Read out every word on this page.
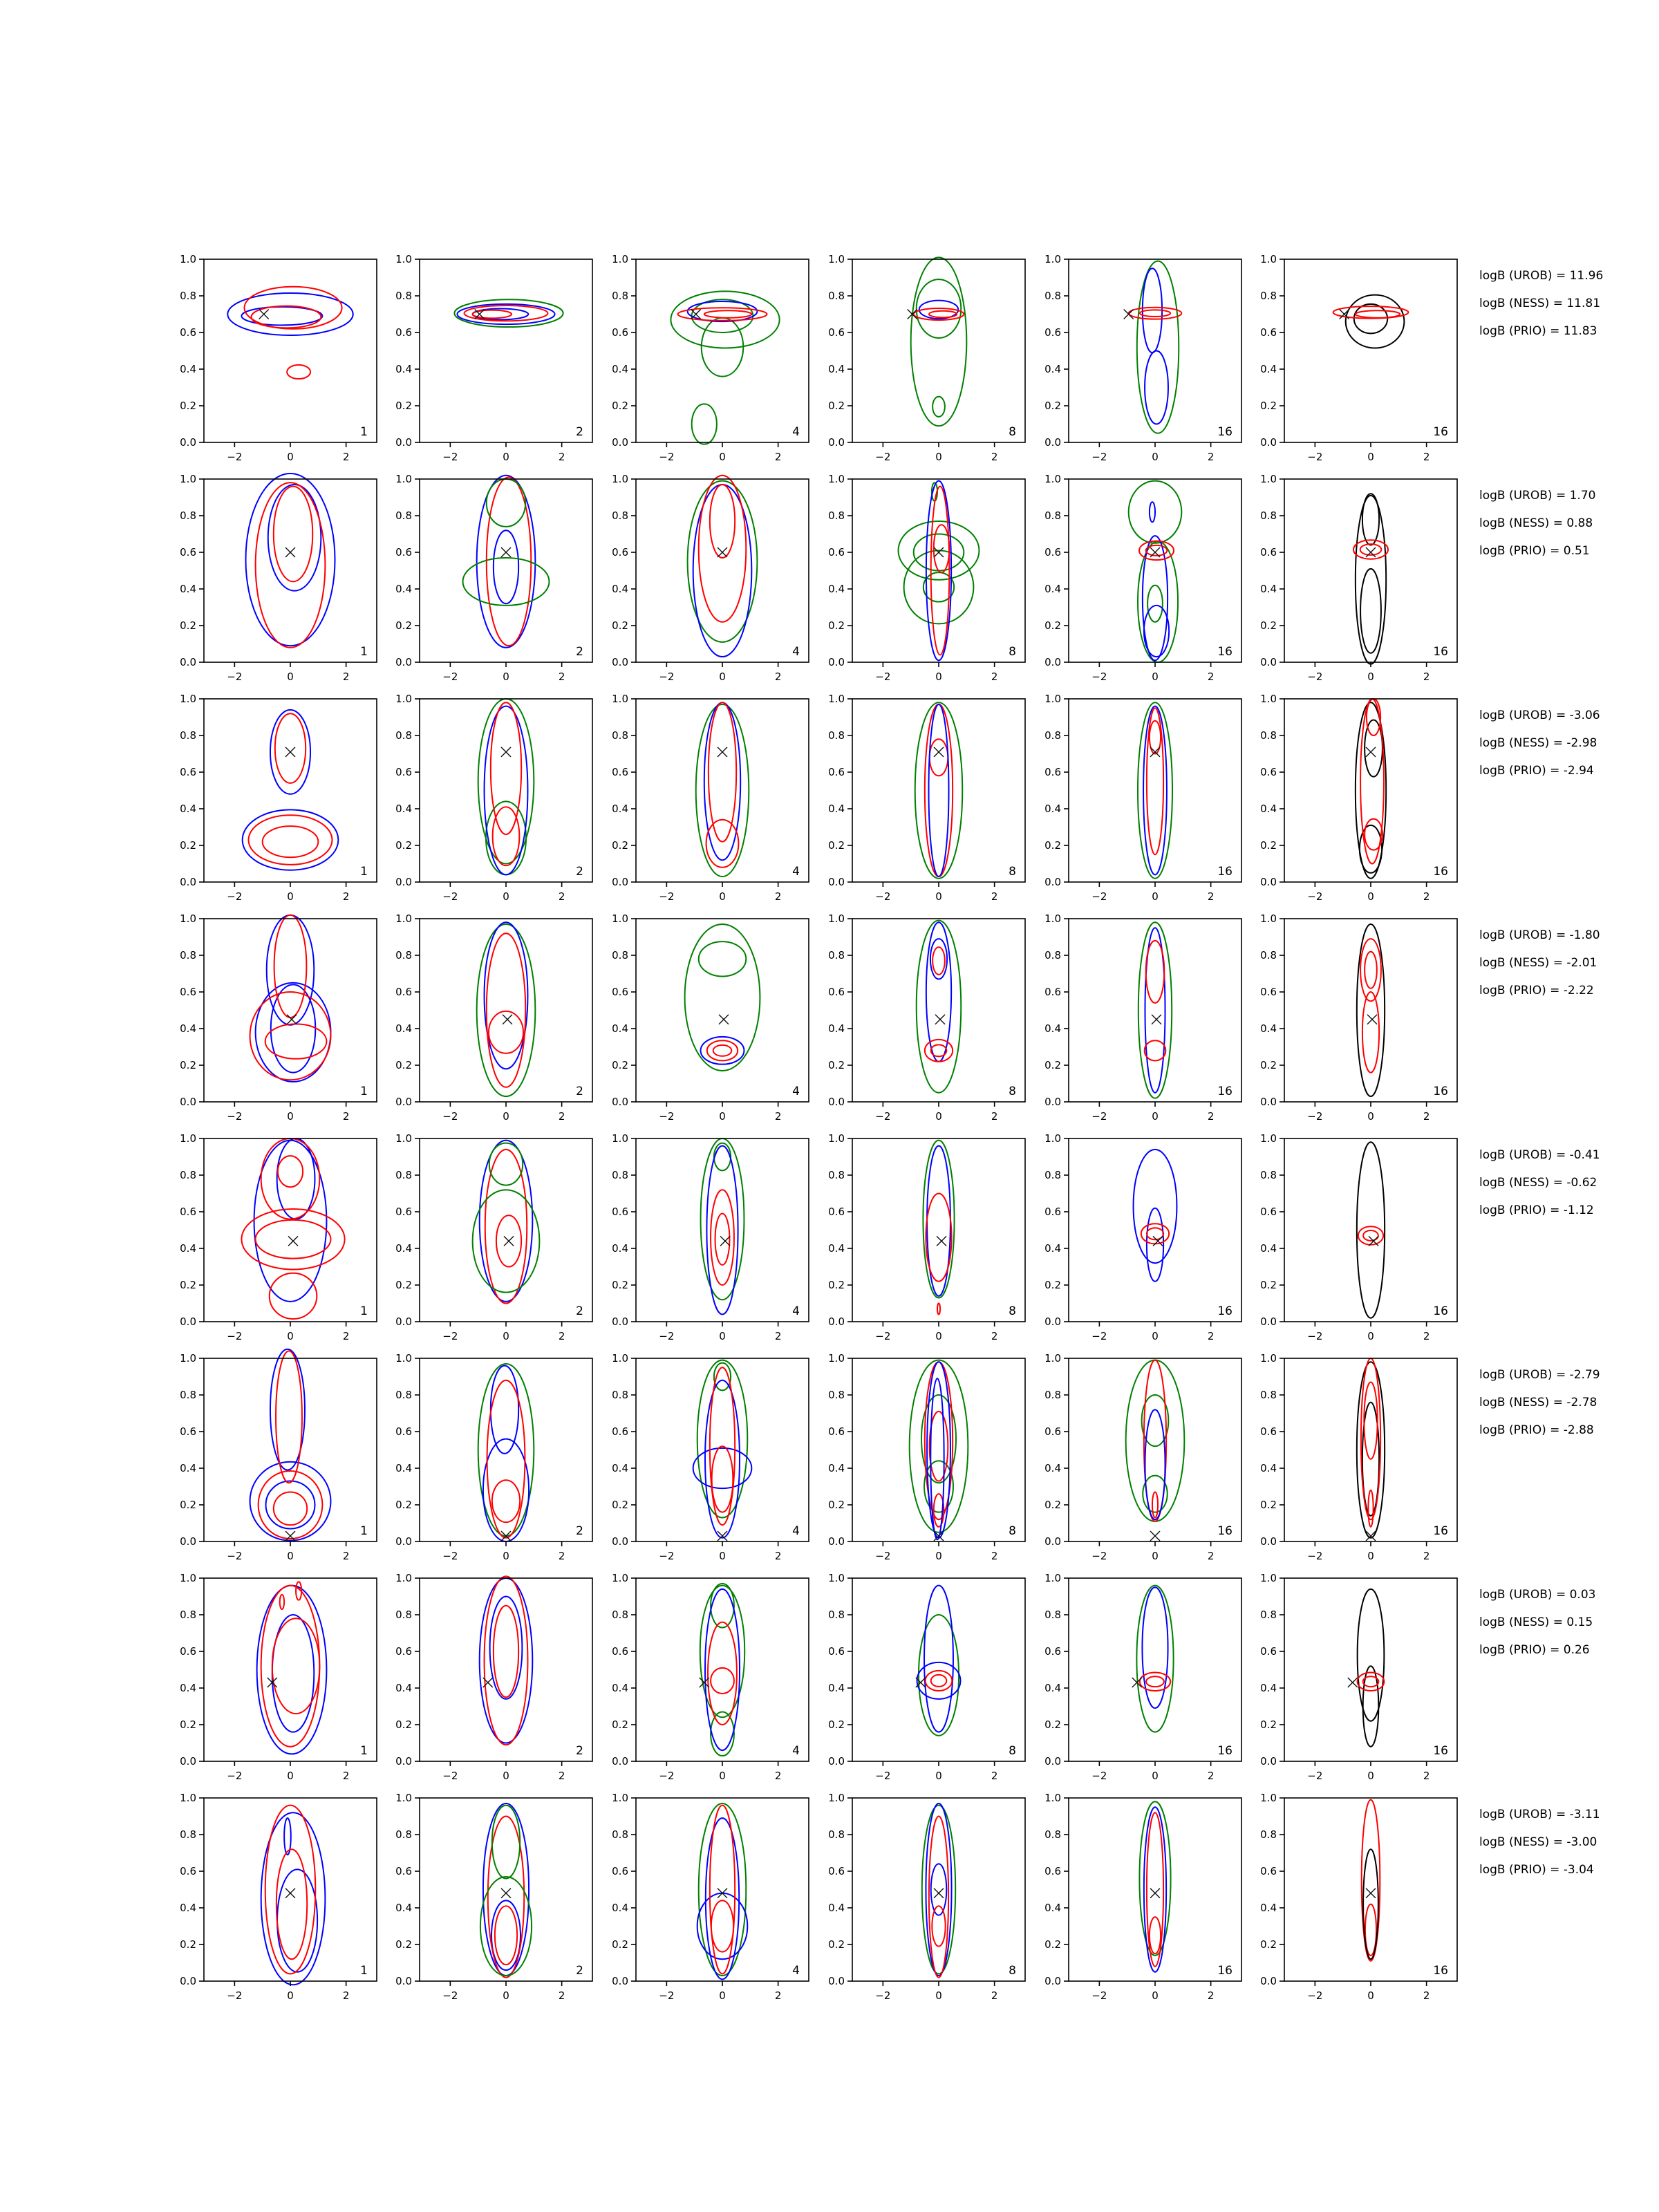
−2	0	2
0.0
0.2
0.4
0.6
0.8
1.0
1
−2	0	2
0.0
0.2
0.4
0.6
0.8
1.0
2
−2	0	2
0.0
0.2
0.4
0.6
0.8
1.0
4
−2	0	2
0.0
0.2
0.4
0.6
0.8
1.0
8
−2	0	2
0.0
0.2
0.4
0.6
0.8
1.0
16
−2	0	2
0.0
0.2
0.4
0.6
0.8
1.0
16
−2	0	2
0.0
0.2
0.4
0.6
0.8
1.0
1
−2	0	2
0.0
0.2
0.4
0.6
0.8
1.0
2
−2	0	2
0.0
0.2
0.4
0.6
0.8
1.0
4
−2	0	2
0.0
0.2
0.4
0.6
0.8
1.0
8
−2	0	2
0.0
0.2
0.4
0.6
0.8
1.0
16
−2	0	2
0.0
0.2
0.4
0.6
0.8
1.0
16
−2	0	2
0.0
0.2
0.4
0.6
0.8
1.0
1
−2	0	2
0.0
0.2
0.4
0.6
0.8
1.0
2
−2	0	2
0.0
0.2
0.4
0.6
0.8
1.0
4
−2	0	2
0.0
0.2
0.4
0.6
0.8
1.0
8
−2	0	2
0.0
0.2
0.4
0.6
0.8
1.0
16
−2	0	2
0.0
0.2
0.4
0.6
0.8
1.0
16
−2	0	2
0.0
0.2
0.4
0.6
0.8
1.0
1
−2	0	2
0.0
0.2
0.4
0.6
0.8
1.0
2
−2	0	2
0.0
0.2
0.4
0.6
0.8
1.0
4
−2	0	2
0.0
0.2
0.4
0.6
0.8
1.0
8
−2	0	2
0.0
0.2
0.4
0.6
0.8
1.0
16
−2	0	2
0.0
0.2
0.4
0.6
0.8
1.0
16
−2	0	2
0.0
0.2
0.4
0.6
0.8
1.0
1
−2	0	2
0.0
0.2
0.4
0.6
0.8
1.0
2
−2	0	2
0.0
0.2
0.4
0.6
0.8
1.0
4
−2	0	2
0.0
0.2
0.4
0.6
0.8
1.0
8
−2	0	2
0.0
0.2
0.4
0.6
0.8
1.0
16
−2	0	2
0.0
0.2
0.4
0.6
0.8
1.0
16
−2	0	2
0.0
0.2
0.4
0.6
0.8
1.0
1
−2	0	2
0.0
0.2
0.4
0.6
0.8
1.0
2
−2	0	2
0.0
0.2
0.4
0.6
0.8
1.0
4
−2	0	2
0.0
0.2
0.4
0.6
0.8
1.0
8
−2	0	2
0.0
0.2
0.4
0.6
0.8
1.0
16
−2	0	2
0.0
0.2
0.4
0.6
0.8
1.0
16
−2	0	2
0.0
0.2
0.4
0.6
0.8
1.0
1
−2	0	2
0.0
0.2
0.4
0.6
0.8
1.0
2
−2	0	2
0.0
0.2
0.4
0.6
0.8
1.0
4
−2	0	2
0.0
0.2
0.4
0.6
0.8
1.0
8
−2	0	2
0.0
0.2
0.4
0.6
0.8
1.0
16
−2	0	2
0.0
0.2
0.4
0.6
0.8
1.0
16
−2	0	2
0.0
0.2
0.4
0.6
0.8
1.0
1
−2	0	2
0.0
0.2
0.4
0.6
0.8
1.0
2
−2	0	2
0.0
0.2
0.4
0.6
0.8
1.0
4
−2	0	2
0.0
0.2
0.4
0.6
0.8
1.0
8
−2	0	2
0.0
0.2
0.4
0.6
0.8
1.0
16
−2	0	2
0.0
0.2
0.4
0.6
0.8
1.0
16
logB (UROB) = 11.96
logB (NESS) = 11.81
logB (PRIO) = 11.83
logB (UROB) = 1.70
logB (NESS) = 0.88
logB (PRIO) = 0.51
logB (UROB) = -3.06
logB (NESS) = -2.98
logB (PRIO) = -2.94
logB (UROB) = -1.80
logB (NESS) = -2.01
logB (PRIO) = -2.22
logB (UROB) = -0.41
logB (NESS) = -0.62
logB (PRIO) = -1.12
logB (UROB) = -2.79
logB (NESS) = -2.78
logB (PRIO) = -2.88
logB (UROB) = 0.03
logB (NESS) = 0.15
logB (PRIO) = 0.26
logB (UROB) = -3.11
logB (NESS) = -3.00
logB (PRIO) = -3.04
